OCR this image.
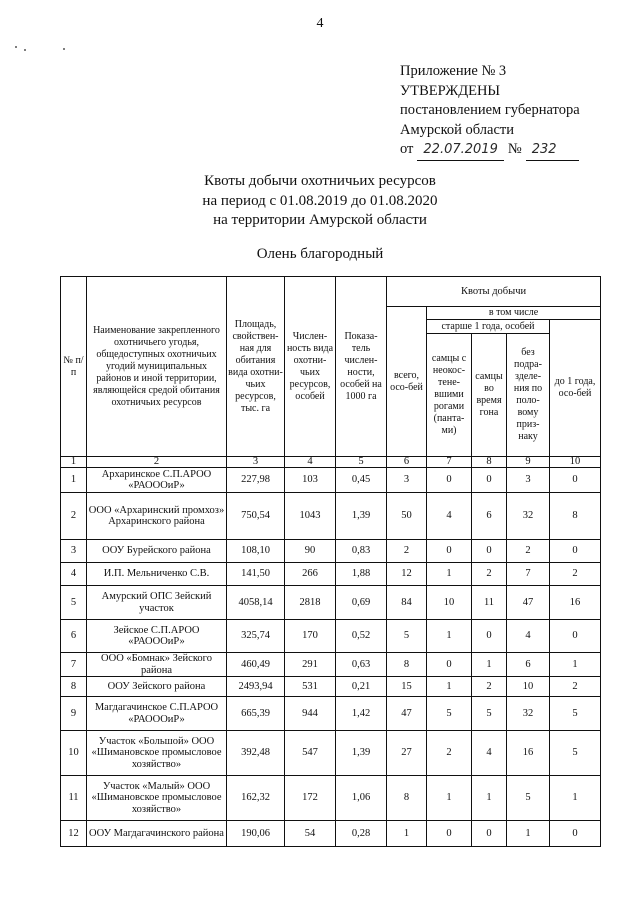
4
Приложение № 3
УТВЕРЖДЕНЫ
постановлением губернатора
Амурской области
от 22.07.2019 № 232
Квоты добычи охотничьих ресурсов
на период с 01.08.2019 до 01.08.2020
на территории Амурской области
Олень благородный
№ п/п	Наименование закрепленного охотничьего угодья, общедоступных охотничьих угодий муниципальных районов и иной территории, являющейся средой обитания охотничьих ресурсов	Площадь, свойствен-ная для обитания вида охотни-чьих ресурсов, тыс. га	Числен-ность вида охотни-чьих ресурсов, особей	Показа-тель числен-ности, особей на 1000 га	Квоты добычи				
					всего, осо-бей	в том числе			
						старше 1 года, особей			до 1 года, осо-бей
						самцы с неокос-тене-вшими рогами (панта-ми)	самцы во время гона	без подра-зделе-ния по поло-вому приз-наку	
1	2	3	4	5	6	7	8	9	10
1	Архаринское С.П.АРОО «РАОООиР»	227,98	103	0,45	3	0	0	3	0
2	ООО «Архаринский промхоз» Архаринского района	750,54	1043	1,39	50	4	6	32	8
3	ООУ Бурейского района	108,10	90	0,83	2	0	0	2	0
4	И.П. Мельниченко С.В.	141,50	266	1,88	12	1	2	7	2
5	Амурский ОПС Зейский участок	4058,14	2818	0,69	84	10	11	47	16
6	Зейское С.П.АРОО «РАОООиР»	325,74	170	0,52	5	1	0	4	0
7	ООО «Бомнак» Зейского района	460,49	291	0,63	8	0	1	6	1
8	ООУ Зейского района	2493,94	531	0,21	15	1	2	10	2
9	Магдагачинское С.П.АРОО «РАОООиР»	665,39	944	1,42	47	5	5	32	5
10	Участок «Большой» ООО «Шимановское промысловое хозяйство»	392,48	547	1,39	27	2	4	16	5
11	Участок «Малый» ООО «Шимановское промысловое хозяйство»	162,32	172	1,06	8	1	1	5	1
12	ООУ Магдагачинского района	190,06	54	0,28	1	0	0	1	0
